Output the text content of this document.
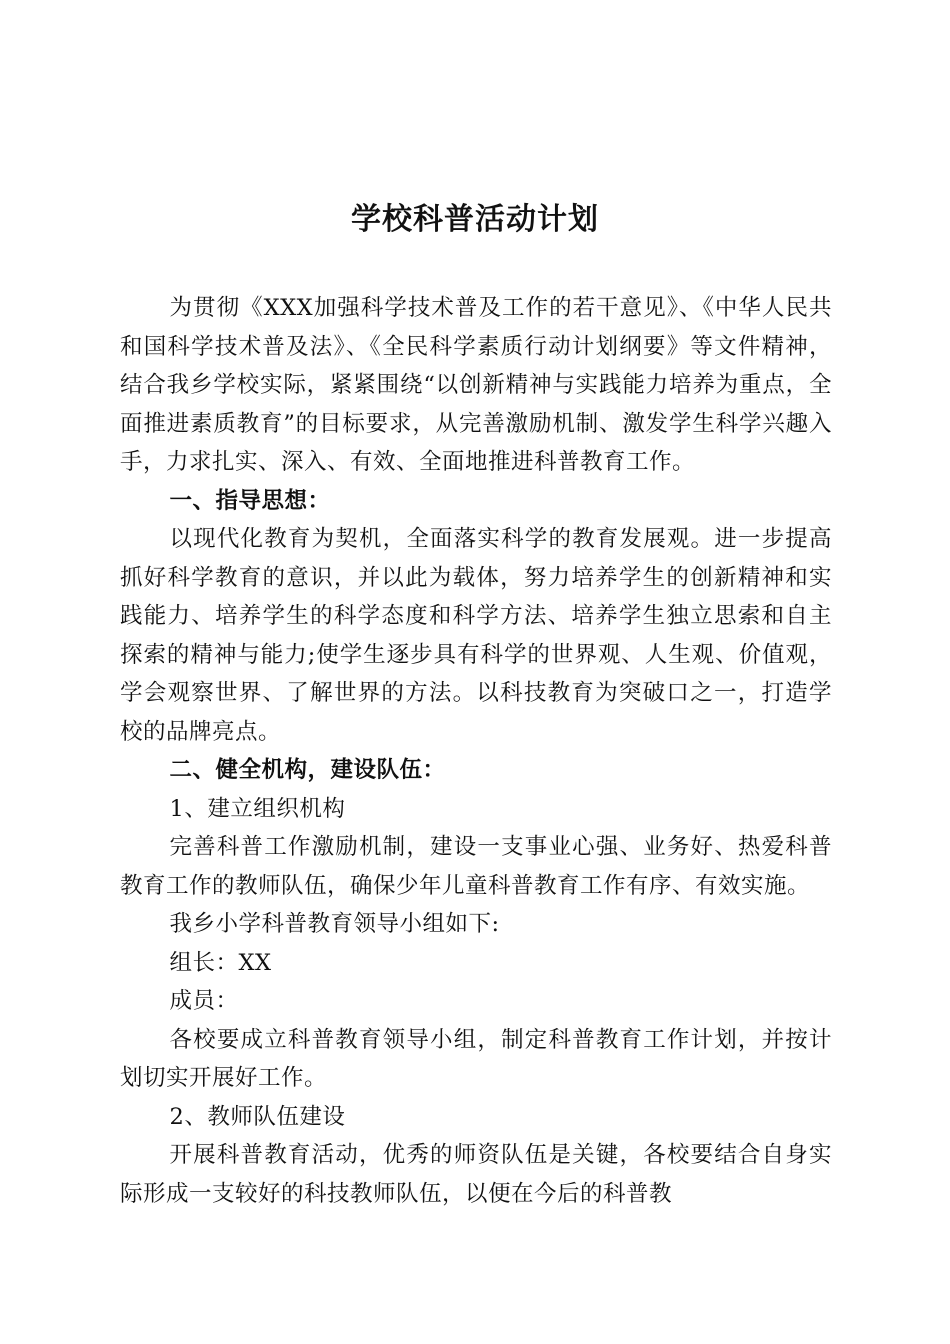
学校科普活动计划

为贯彻《XXX加强科学技术普及工作的若干意见》、《中华人民共和国科学技术普及法》、《全民科学素质行动计划纲要》等文件精神，结合我乡学校实际，紧紧围绕“以创新精神与实践能力培养为重点，全面推进素质教育”的目标要求，从完善激励机制、激发学生科学兴趣入手，力求扎实、深入、有效、全面地推进科普教育工作。

一、指导思想：

以现代化教育为契机，全面落实科学的教育发展观。进一步提高抓好科学教育的意识，并以此为载体，努力培养学生的创新精神和实践能力、培养学生的科学态度和科学方法、培养学生独立思索和自主探索的精神与能力;使学生逐步具有科学的世界观、人生观、价值观，学会观察世界、了解世界的方法。以科技教育为突破口之一，打造学校的品牌亮点。

二、健全机构，建设队伍：

1、建立组织机构

完善科普工作激励机制，建设一支事业心强、业务好、热爱科普教育工作的教师队伍，确保少年儿童科普教育工作有序、有效实施。

我乡小学科普教育领导小组如下:

组长：XX

成员：

各校要成立科普教育领导小组，制定科普教育工作计划，并按计划切实开展好工作。

2、教师队伍建设

开展科普教育活动，优秀的师资队伍是关键，各校要结合自身实际形成一支较好的科技教师队伍，以便在今后的科普教
